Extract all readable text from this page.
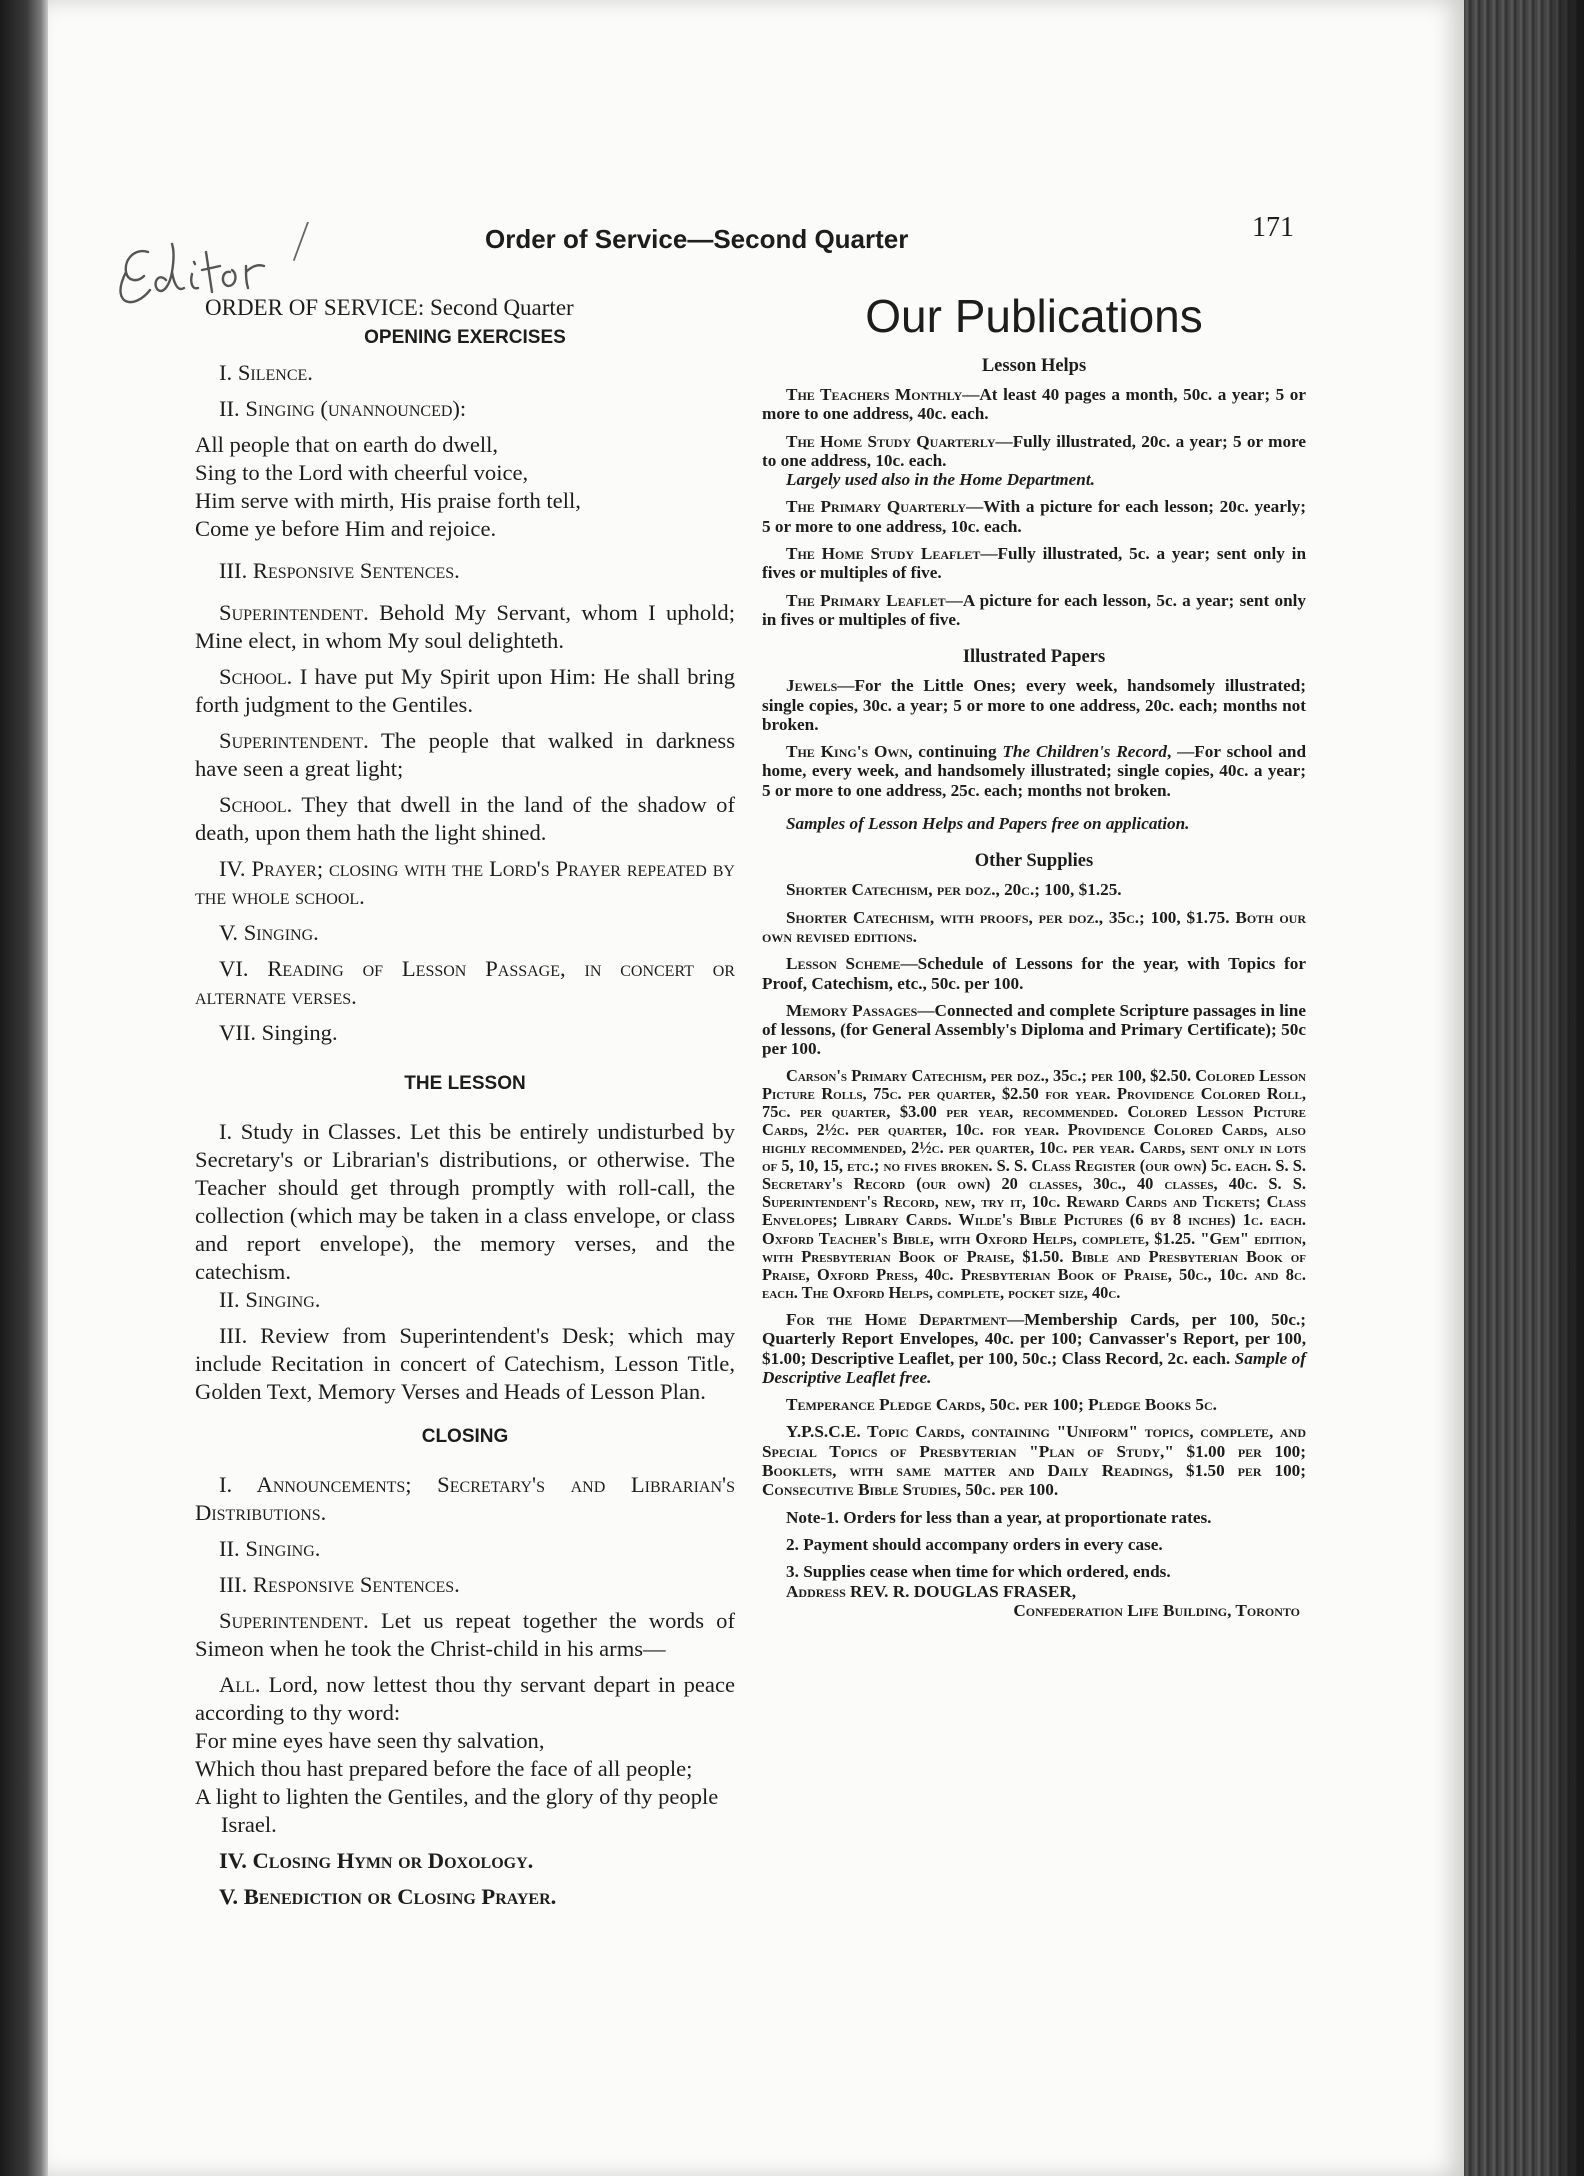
Order of Service—Second Quarter	171

ORDER OF SERVICE: Second Quarter

OPENING EXERCISES

I. Silence.

II. Singing (unannounced):

All people that on earth do dwell,

Sing to the Lord with cheerful voice,

Him serve with mirth, His praise forth tell,

Come ye before Him and rejoice.

III. Responsive Sentences.

Superintendent. Behold My Servant, whom I uphold; Mine elect, in whom My soul delighteth.

School. I have put My Spirit upon Him: He shall bring forth judgment to the Gentiles.

Superintendent. The people that walked in darkness have seen a great light;

School. They that dwell in the land of the shadow of death, upon them hath the light shined.

IV. Prayer; closing with the Lord's Prayer repeated by the whole school.

V. Singing.

VI. Reading of Lesson Passage, in concert or alternate verses.

VII. Singing.

THE LESSON

I. Study in Classes. Let this be entirely undisturbed by Secretary's or Librarian's distributions, or otherwise. The Teacher should get through promptly with roll-call, the collection (which may be taken in a class envelope, or class and report envelope), the memory verses, and the catechism.

II. Singing.

III. Review from Superintendent's Desk; which may include Recitation in concert of Catechism, Lesson Title, Golden Text, Memory Verses and Heads of Lesson Plan.

CLOSING

I. Announcements; Secretary's and Librarian's Distributions.

II. Singing.

III. Responsive Sentences.

Superintendent. Let us repeat together the words of Simeon when he took the Christ-child in his arms—

All. Lord, now lettest thou thy servant depart in peace according to thy word:

For mine eyes have seen thy salvation,

Which thou hast prepared before the face of all people;

A light to lighten the Gentiles, and the glory of thy people Israel.

IV. Closing Hymn or Doxology.

V. Benediction or Closing Prayer.

Our Publications

Lesson Helps

The Teachers Monthly—At least 40 pages a month, 50c. a year; 5 or more to one address, 40c. each.

The Home Study Quarterly—Fully illustrated, 20c. a year; 5 or more to one address, 10c. each.

Largely used also in the Home Department.

The Primary Quarterly—With a picture for each lesson; 20c. yearly; 5 or more to one address, 10c. each.

The Home Study Leaflet—Fully illustrated, 5c. a year; sent only in fives or multiples of five.

The Primary Leaflet—A picture for each lesson, 5c. a year; sent only in fives or multiples of five.

Illustrated Papers

Jewels—For the Little Ones; every week, handsomely illustrated; single copies, 30c. a year; 5 or more to one address, 20c. each; months not broken.

The King's Own, continuing The Children's Record, —For school and home, every week, and handsomely illustrated; single copies, 40c. a year; 5 or more to one address, 25c. each; months not broken.

Samples of Lesson Helps and Papers free on application.

Other Supplies

Shorter Catechism, per doz., 20c.; 100, $1.25.

Shorter Catechism, with proofs, per doz., 35c.; 100, $1.75. Both our own revised editions.

Lesson Scheme—Schedule of Lessons for the year, with Topics for Proof, Catechism, etc., 50c. per 100.

Memory Passages—Connected and complete Scripture passages in line of lessons, (for General Assembly's Diploma and Primary Certificate); 50c per 100.

Carson's Primary Catechism, per doz., 35c.; per 100, $2.50. Colored Lesson Picture Rolls, 75c. per quarter, $2.50 for year. Providence Colored Roll, 75c. per quarter, $3.00 per year, recommended. Colored Lesson Picture Cards, 2½c. per quarter, 10c. for year. Providence Colored Cards, also highly recommended, 2½c. per quarter, 10c. per year. Cards, sent only in lots of 5, 10, 15, etc.; no fives broken. S. S. Class Register (our own) 5c. each. S. S. Secretary's Record (our own) 20 classes, 30c., 40 classes, 40c. S. S. Superintendent's Record, new, try it, 10c. Reward Cards and Tickets; Class Envelopes; Library Cards. Wilde's Bible Pictures (6 by 8 inches) 1c. each. Oxford Teacher's Bible, with Oxford Helps, complete, $1.25. "Gem" edition, with Presbyterian Book of Praise, $1.50. Bible and Presbyterian Book of Praise, Oxford Press, 40c. Presbyterian Book of Praise, 50c., 10c. and 8c. each. The Oxford Helps, complete, pocket size, 40c.

For the Home Department—Membership Cards, per 100, 50c.; Quarterly Report Envelopes, 40c. per 100; Canvasser's Report, per 100, $1.00; Descriptive Leaflet, per 100, 50c.; Class Record, 2c. each. Sample of Descriptive Leaflet free.

Temperance Pledge Cards, 50c. per 100; Pledge Books 5c.

Y.P.S.C.E. Topic Cards, containing "Uniform" topics, complete, and Special Topics of Presbyterian "Plan of Study," $1.00 per 100; Booklets, with same matter and Daily Readings, $1.50 per 100; Consecutive Bible Studies, 50c. per 100.

Note-1. Orders for less than a year, at proportionate rates.

2. Payment should accompany orders in every case.

3. Supplies cease when time for which ordered, ends.

Address REV. R. DOUGLAS FRASER,

Confederation Life Building, Toronto
